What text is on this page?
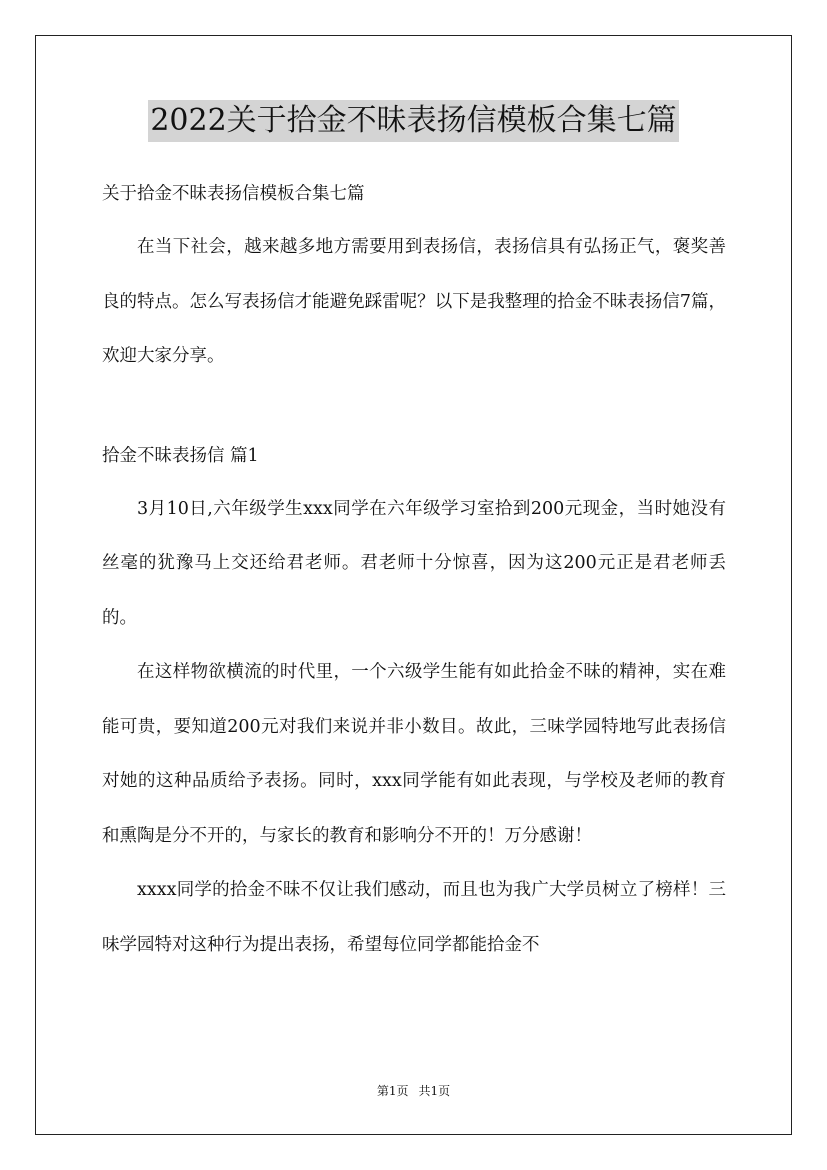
2022关于拾金不昧表扬信模板合集七篇

关于拾金不昧表扬信模板合集七篇

在当下社会，越来越多地方需要用到表扬信，表扬信具有弘扬正气，褒奖善良的特点。怎么写表扬信才能避免踩雷呢？以下是我整理的拾金不昧表扬信7篇，欢迎大家分享。

拾金不昧表扬信 篇1

3月10日,六年级学生xxx同学在六年级学习室拾到200元现金，当时她没有丝毫的犹豫马上交还给君老师。君老师十分惊喜，因为这200元正是君老师丢的。

在这样物欲横流的时代里，一个六级学生能有如此拾金不昧的精神，实在难能可贵，要知道200元对我们来说并非小数目。故此，三味学园特地写此表扬信对她的这种品质给予表扬。同时，xxx同学能有如此表现，与学校及老师的教育和熏陶是分不开的，与家长的教育和影响分不开的！万分感谢！

xxxx同学的拾金不昧不仅让我们感动，而且也为我广大学员树立了榜样！三味学园特对这种行为提出表扬，希望每位同学都能拾金不

第1页 共1页
